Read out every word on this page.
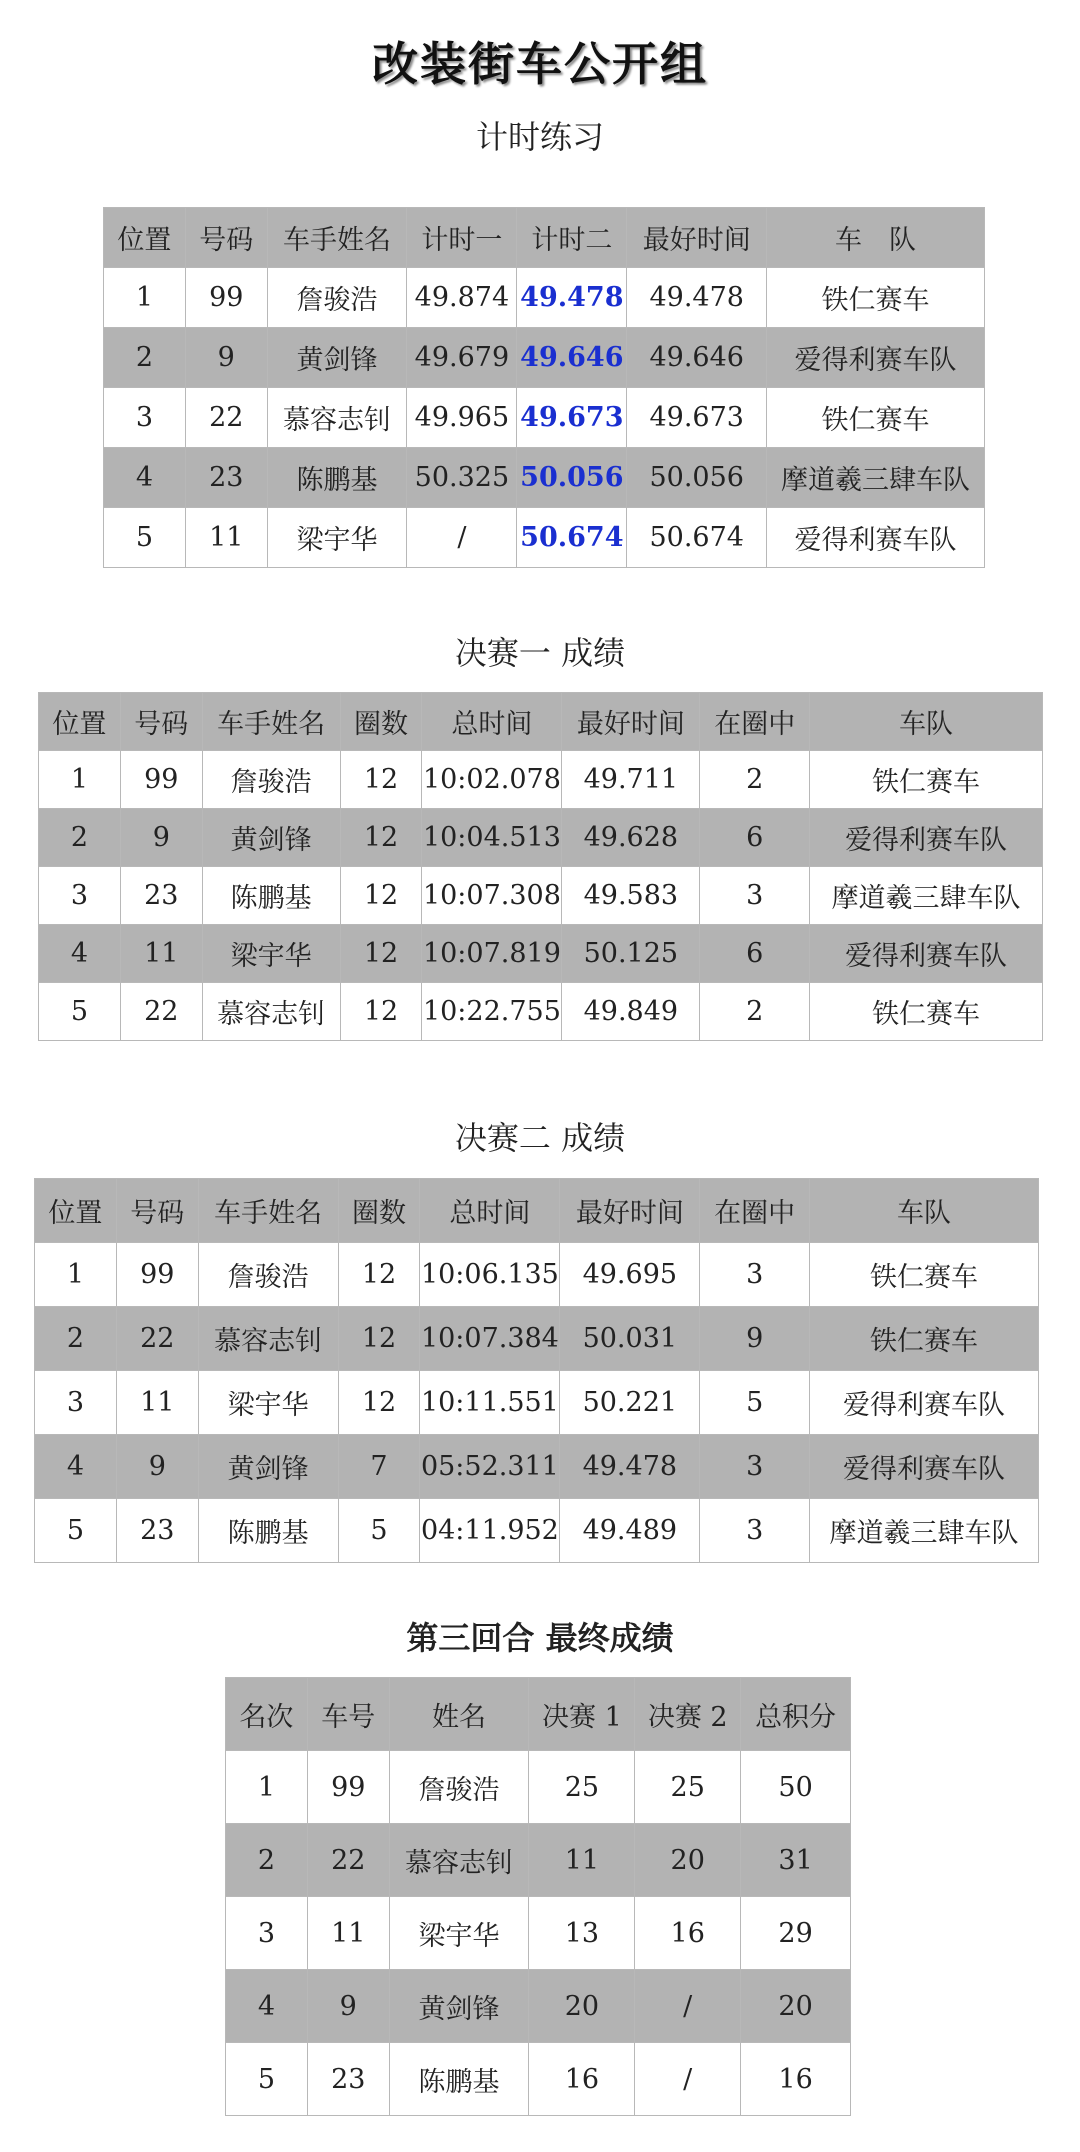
改装街车公开组
计时练习
位置	号码	车手姓名	计时一	计时二	最好时间	车　队
1	99	詹骏浩	49.874	49.478	49.478	铁仁赛车
2	9	黄剑锋	49.679	49.646	49.646	爱得利赛车队
3	22	慕容志钊	49.965	49.673	49.673	铁仁赛车
4	23	陈鹏基	50.325	50.056	50.056	摩道羲三肆车队
5	11	梁宇华	/	50.674	50.674	爱得利赛车队
决赛一 成绩
位置	号码	车手姓名	圈数	总时间	最好时间	在圈中	车队
1	99	詹骏浩	12	10:02.078	49.711	2	铁仁赛车
2	9	黄剑锋	12	10:04.513	49.628	6	爱得利赛车队
3	23	陈鹏基	12	10:07.308	49.583	3	摩道羲三肆车队
4	11	梁宇华	12	10:07.819	50.125	6	爱得利赛车队
5	22	慕容志钊	12	10:22.755	49.849	2	铁仁赛车
决赛二 成绩
位置	号码	车手姓名	圈数	总时间	最好时间	在圈中	车队
1	99	詹骏浩	12	10:06.135	49.695	3	铁仁赛车
2	22	慕容志钊	12	10:07.384	50.031	9	铁仁赛车
3	11	梁宇华	12	10:11.551	50.221	5	爱得利赛车队
4	9	黄剑锋	7	05:52.311	49.478	3	爱得利赛车队
5	23	陈鹏基	5	04:11.952	49.489	3	摩道羲三肆车队
第三回合 最终成绩
名次	车号	姓名	决赛 1	决赛 2	总积分
1	99	詹骏浩	25	25	50
2	22	慕容志钊	11	20	31
3	11	梁宇华	13	16	29
4	9	黄剑锋	20	/	20
5	23	陈鹏基	16	/	16
